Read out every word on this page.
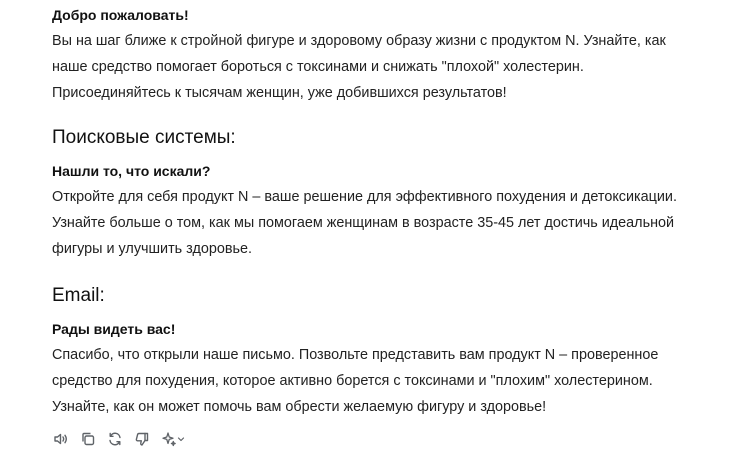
Добро пожаловать!
Вы на шаг ближе к стройной фигуре и здоровому образу жизни с продуктом N. Узнайте, как
наше средство помогает бороться с токсинами и снижать "плохой" холестерин.
Присоединяйтесь к тысячам женщин, уже добившихся результатов!
Поисковые системы:
Нашли то, что искали?
Откройте для себя продукт N – ваше решение для эффективного похудения и детоксикации.
Узнайте больше о том, как мы помогаем женщинам в возрасте 35-45 лет достичь идеальной
фигуры и улучшить здоровье.
Email:
Рады видеть вас!
Спасибо, что открыли наше письмо. Позвольте представить вам продукт N – проверенное
средство для похудения, которое активно борется с токсинами и "плохим" холестерином.
Узнайте, как он может помочь вам обрести желаемую фигуру и здоровье!
